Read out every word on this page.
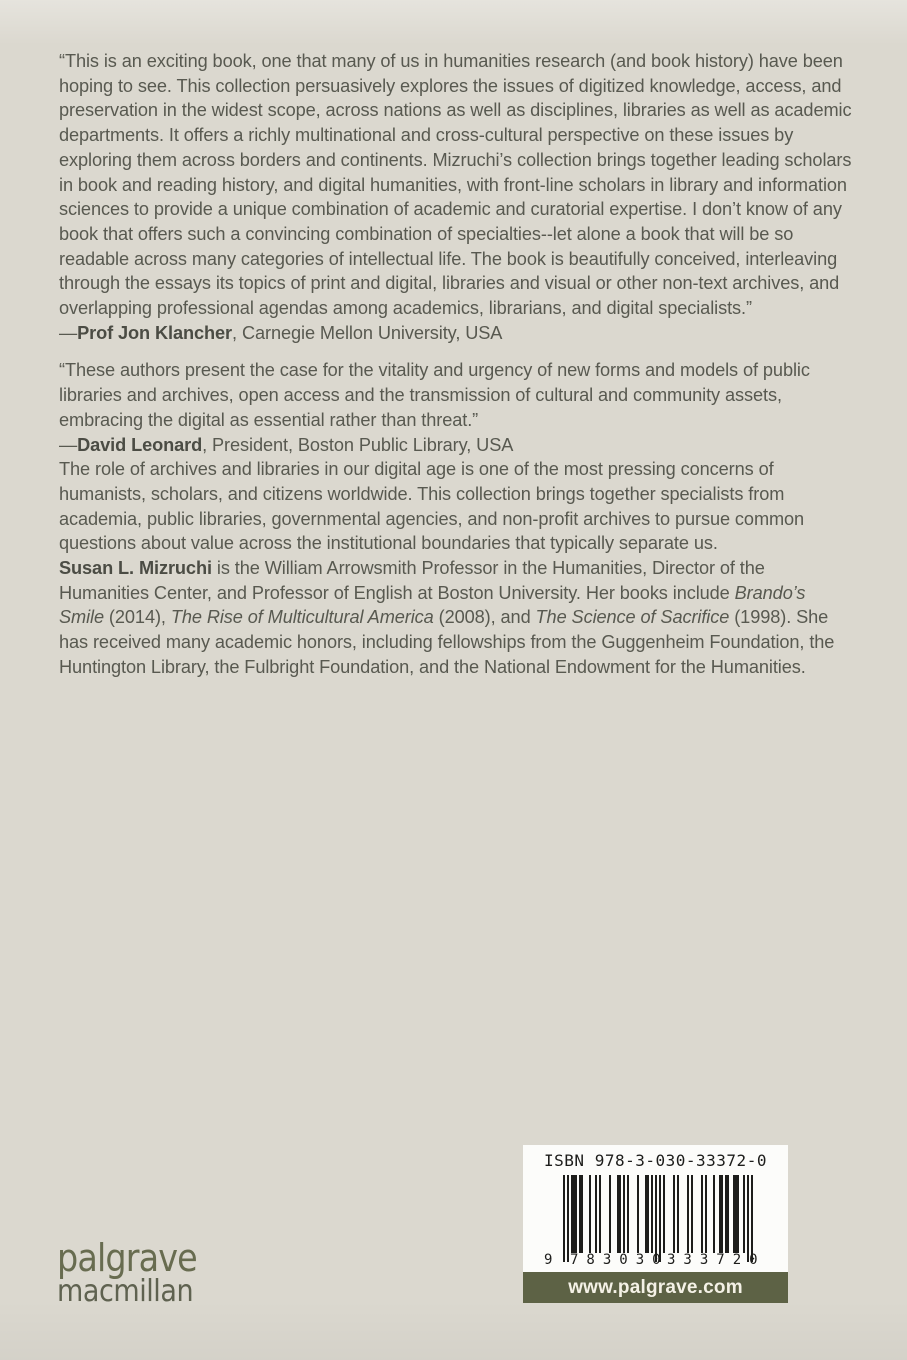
“This is an exciting book, one that many of us in humanities research (and book history) have been hoping to see. This collection persuasively explores the issues of digitized knowledge, access, and preservation in the widest scope, across nations as well as disciplines, libraries as well as academic departments. It offers a richly multinational and cross-cultural perspective on these issues by exploring them across borders and continents. Mizruchi’s collection brings together leading scholars in book and reading history, and digital humanities, with front-line scholars in library and information sciences to provide a unique combination of academic and curatorial expertise. I don’t know of any book that offers such a convincing combination of specialties--let alone a book that will be so readable across many categories of intellectual life. The book is beautifully conceived, interleaving through the essays its topics of print and digital, libraries and visual or other non-text archives, and overlapping professional agendas among academics, librarians, and digital specialists.”

—Prof Jon Klancher, Carnegie Mellon University, USA

“These authors present the case for the vitality and urgency of new forms and models of public libraries and archives, open access and the transmission of cultural and community assets, embracing the digital as essential rather than threat.”

—David Leonard, President, Boston Public Library, USA

The role of archives and libraries in our digital age is one of the most pressing concerns of humanists, scholars, and citizens worldwide. This collection brings together specialists from academia, public libraries, governmental agencies, and non-profit archives to pursue common questions about value across the institutional boundaries that typically separate us.

Susan L. Mizruchi is the William Arrowsmith Professor in the Humanities, Director of the Humanities Center, and Professor of English at Boston University. Her books include Brando’s Smile (2014), The Rise of Multicultural America (2008), and The Science of Sacrifice (1998). She has received many academic honors, including fellowships from the Guggenheim Foundation, the Huntington Library, the Fulbright Foundation, and the National Endowment for the Humanities.

ISBN 978-3-030-33372-0
9 783030
333720
www.palgrave.com
palgrave
macmillan
